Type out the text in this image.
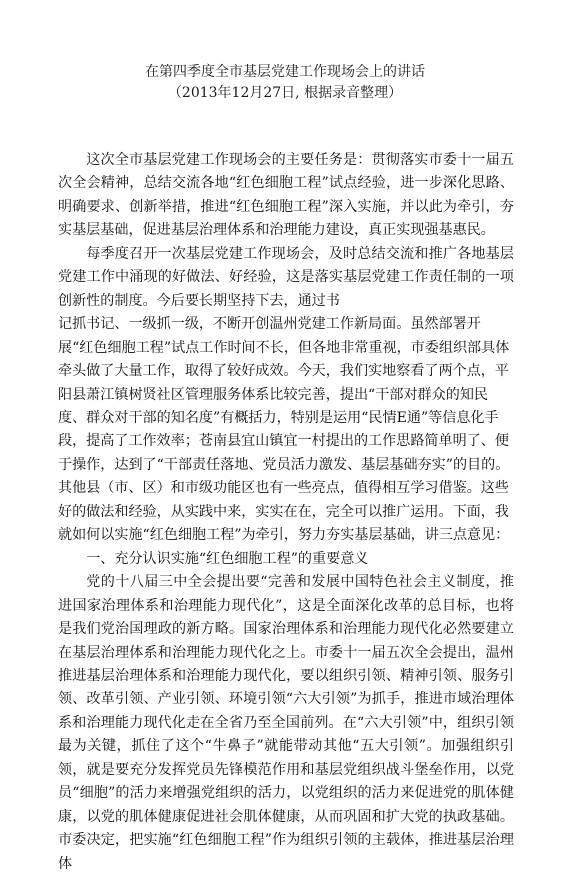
在第四季度全市基层党建工作现场会上的讲话
（2013年12月27日, 根据录音整理）

这次全市基层党建工作现场会的主要任务是：贯彻落实市委十一届五次全会精神，总结交流各地“红色细胞工程”试点经验，进一步深化思路、明确要求、创新举措，推进“红色细胞工程”深入实施，并以此为牵引，夯实基层基础，促进基层治理体系和治理能力建设，真正实现强基惠民。

每季度召开一次基层党建工作现场会，及时总结交流和推广各地基层党建工作中涌现的好做法、好经验，这是落实基层党建工作责任制的一项创新性的制度。今后要长期坚持下去，通过书

记抓书记、一级抓一级，不断开创温州党建工作新局面。虽然部署开展“红色细胞工程”试点工作时间不长，但各地非常重视，市委组织部具体牵头做了大量工作，取得了较好成效。今天，我们实地察看了两个点，平阳县萧江镇树贤社区管理服务体系比较完善，提出“干部对群众的知民度、群众对干部的知名度”有概括力，特别是运用“民情E通”等信息化手段，提高了工作效率；苍南县宜山镇宜一村提出的工作思路简单明了、便于操作，达到了“干部责任落地、党员活力激发、基层基础夯实”的目的。其他县（市、区）和市级功能区也有一些亮点，值得相互学习借鉴。这些好的做法和经验，从实践中来，实实在在，完全可以推广运用。下面，我就如何以实施“红色细胞工程”为牵引，努力夯实基层基础，讲三点意见：

一、充分认识实施“红色细胞工程”的重要意义

党的十八届三中全会提出要“完善和发展中国特色社会主义制度，推进国家治理体系和治理能力现代化”，这是全面深化改革的总目标，也将是我们党治国理政的新方略。国家治理体系和治理能力现代化必然要建立在基层治理体系和治理能力现代化之上。市委十一届五次全会提出，温州推进基层治理体系和治理能力现代化，要以组织引领、精神引领、服务引领、改革引领、产业引领、环境引领“六大引领”为抓手，推进市域治理体系和治理能力现代化走在全省乃至全国前列。在“六大引领”中，组织引领最为关键，抓住了这个“牛鼻子”就能带动其他“五大引领”。加强组织引领，就是要充分发挥党员先锋模范作用和基层党组织战斗堡垒作用，以党员“细胞”的活力来增强党组织的活力，以党组织的活力来促进党的肌体健康，以党的肌体健康促进社会肌体健康，从而巩固和扩大党的执政基础。市委决定，把实施“红色细胞工程”作为组织引领的主载体，推进基层治理体
